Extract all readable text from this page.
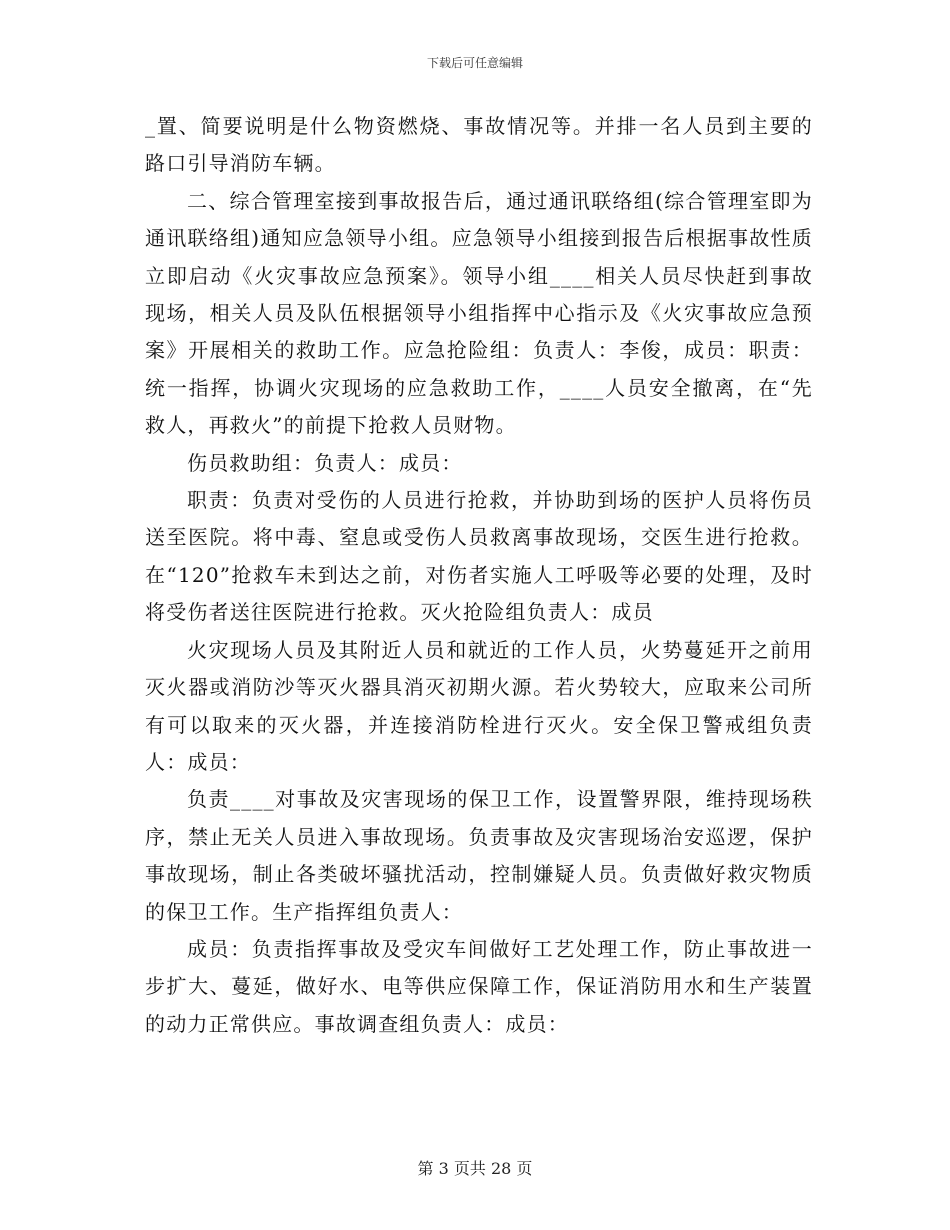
下载后可任意编辑

_置、简要说明是什么物资燃烧、事故情况等。并排一名人员到主要的路口引导消防车辆。

二、综合管理室接到事故报告后，通过通讯联络组(综合管理室即为通讯联络组)通知应急领导小组。应急领导小组接到报告后根据事故性质立即启动《火灾事故应急预案》。领导小组____相关人员尽快赶到事故现场，相关人员及队伍根据领导小组指挥中心指示及《火灾事故应急预案》开展相关的救助工作。应急抢险组：负责人：李俊，成员：职责：统一指挥，协调火灾现场的应急救助工作，____人员安全撤离，在“先救人，再救火”的前提下抢救人员财物。

伤员救助组：负责人：成员：

职责：负责对受伤的人员进行抢救，并协助到场的医护人员将伤员送至医院。将中毒、窒息或受伤人员救离事故现场，交医生进行抢救。在“120”抢救车未到达之前，对伤者实施人工呼吸等必要的处理，及时将受伤者送往医院进行抢救。灭火抢险组负责人：成员

火灾现场人员及其附近人员和就近的工作人员，火势蔓延开之前用灭火器或消防沙等灭火器具消灭初期火源。若火势较大，应取来公司所有可以取来的灭火器，并连接消防栓进行灭火。安全保卫警戒组负责人：成员：

负责____对事故及灾害现场的保卫工作，设置警界限，维持现场秩序，禁止无关人员进入事故现场。负责事故及灾害现场治安巡逻，保护事故现场，制止各类破坏骚扰活动，控制嫌疑人员。负责做好救灾物质的保卫工作。生产指挥组负责人：

成员：负责指挥事故及受灾车间做好工艺处理工作，防止事故进一步扩大、蔓延，做好水、电等供应保障工作，保证消防用水和生产装置的动力正常供应。事故调查组负责人：成员：

第 3 页共 28 页
